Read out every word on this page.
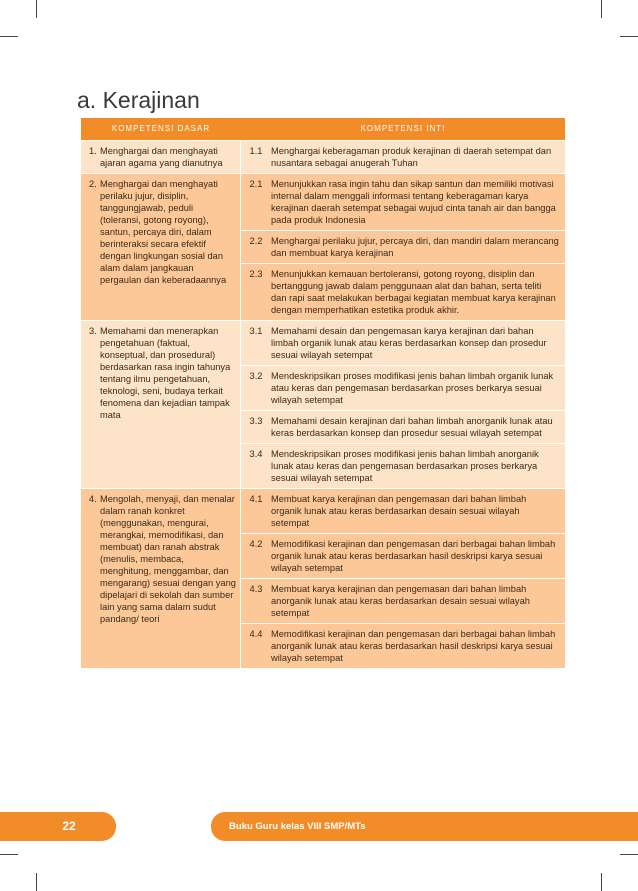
a. Kerajinan
KOMPETENSI DASAR	KOMPETENSI INTI
1. Menghargai dan menghayati ajaran agama yang dianutnya
1.1 Menghargai keberagaman produk kerajinan di daerah setempat dan nusantara sebagai anugerah Tuhan
2. Menghargai dan menghayati perilaku jujur, disiplin, tanggungjawab, peduli (toleransi, gotong royong), santun, percaya diri, dalam berinteraksi secara efektif dengan lingkungan sosial dan alam dalam jangkauan pergaulan dan keberadaannya
2.1 Menunjukkan rasa ingin tahu dan sikap santun dan memiliki motivasi internal dalam menggali informasi tentang keberagaman karya kerajinan daerah setempat sebagai wujud cinta tanah air dan bangga pada produk Indonesia
2.2 Menghargai perilaku jujur, percaya diri, dan mandiri dalam merancang dan membuat karya kerajinan
2.3 Menunjukkan kemauan bertoleransi, gotong royong, disiplin dan bertanggung jawab dalam penggunaan alat dan bahan, serta teliti dan rapi saat melakukan berbagai kegiatan membuat karya kerajinan dengan memperhatikan estetika produk akhir.
3. Memahami dan menerapkan pengetahuan (faktual, konseptual, dan prosedural) berdasarkan rasa ingin tahunya tentang ilmu pengetahuan, teknologi, seni, budaya terkait fenomena dan kejadian tampak mata
3.1 Memahami desain dan pengemasan karya kerajinan dari bahan limbah organik lunak atau keras berdasarkan konsep dan prosedur sesuai wilayah setempat
3.2 Mendeskripsikan proses modifikasi jenis bahan limbah organik lunak atau keras dan pengemasan berdasarkan proses berkarya sesuai wilayah setempat
3.3 Memahami desain kerajinan dari bahan limbah anorganik lunak atau keras berdasarkan konsep dan prosedur sesuai wilayah setempat
3.4 Mendeskripsikan proses modifikasi jenis bahan limbah anorganik lunak atau keras dan pengemasan berdasarkan proses berkarya sesuai wilayah setempat
4. Mengolah, menyaji, dan menalar dalam ranah konkret (menggunakan, mengurai, merangkai, memodifikasi, dan membuat) dan ranah abstrak (menulis, membaca, menghitung, menggambar, dan mengarang) sesuai dengan yang dipelajari di sekolah dan sumber lain yang sama dalam sudut pandang/ teori
4.1 Membuat karya kerajinan dan pengemasan dari bahan limbah organik lunak atau keras berdasarkan desain sesuai wilayah setempat
4.2 Memodifikasi kerajinan dan pengemasan dari berbagai bahan limbah organik lunak atau keras berdasarkan hasil deskripsi karya sesuai wilayah setempat
4.3 Membuat karya kerajinan dan pengemasan dari bahan limbah anorganik lunak atau keras berdasarkan desain sesuai wilayah setempat
4.4 Memodifikasi kerajinan dan pengemasan dari berbagai bahan limbah anorganik lunak atau keras berdasarkan hasil deskripsi karya sesuai wilayah setempat
22	Buku Guru kelas VIII SMP/MTs
